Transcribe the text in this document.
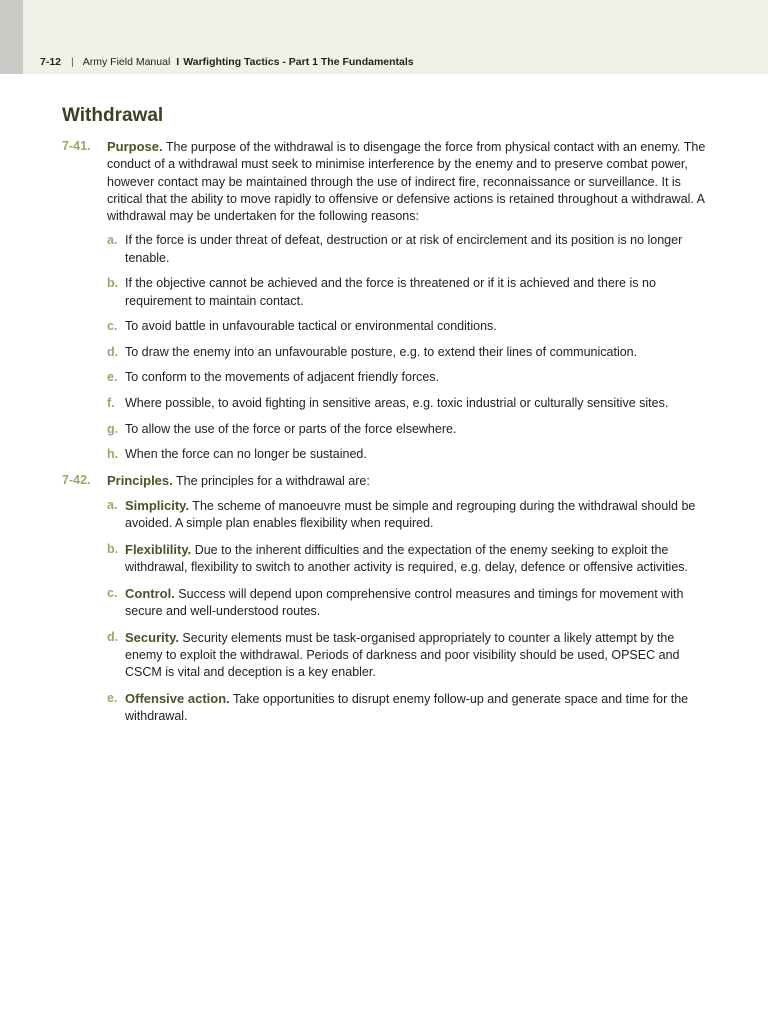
7-12 | Army Field Manual I Warfighting Tactics - Part 1 The Fundamentals
Withdrawal
7-41. Purpose. The purpose of the withdrawal is to disengage the force from physical contact with an enemy. The conduct of a withdrawal must seek to minimise interference by the enemy and to preserve combat power, however contact may be maintained through the use of indirect fire, reconnaissance or surveillance. It is critical that the ability to move rapidly to offensive or defensive actions is retained throughout a withdrawal. A withdrawal may be undertaken for the following reasons:
a. If the force is under threat of defeat, destruction or at risk of encirclement and its position is no longer tenable.
b. If the objective cannot be achieved and the force is threatened or if it is achieved and there is no requirement to maintain contact.
c. To avoid battle in unfavourable tactical or environmental conditions.
d. To draw the enemy into an unfavourable posture, e.g. to extend their lines of communication.
e. To conform to the movements of adjacent friendly forces.
f. Where possible, to avoid fighting in sensitive areas, e.g. toxic industrial or culturally sensitive sites.
g. To allow the use of the force or parts of the force elsewhere.
h. When the force can no longer be sustained.
7-42. Principles. The principles for a withdrawal are:
a. Simplicity. The scheme of manoeuvre must be simple and regrouping during the withdrawal should be avoided. A simple plan enables flexibility when required.
b. Flexiblility. Due to the inherent difficulties and the expectation of the enemy seeking to exploit the withdrawal, flexibility to switch to another activity is required, e.g. delay, defence or offensive activities.
c. Control. Success will depend upon comprehensive control measures and timings for movement with secure and well-understood routes.
d. Security. Security elements must be task-organised appropriately to counter a likely attempt by the enemy to exploit the withdrawal. Periods of darkness and poor visibility should be used, OPSEC and CSCM is vital and deception is a key enabler.
e. Offensive action. Take opportunities to disrupt enemy follow-up and generate space and time for the withdrawal.
